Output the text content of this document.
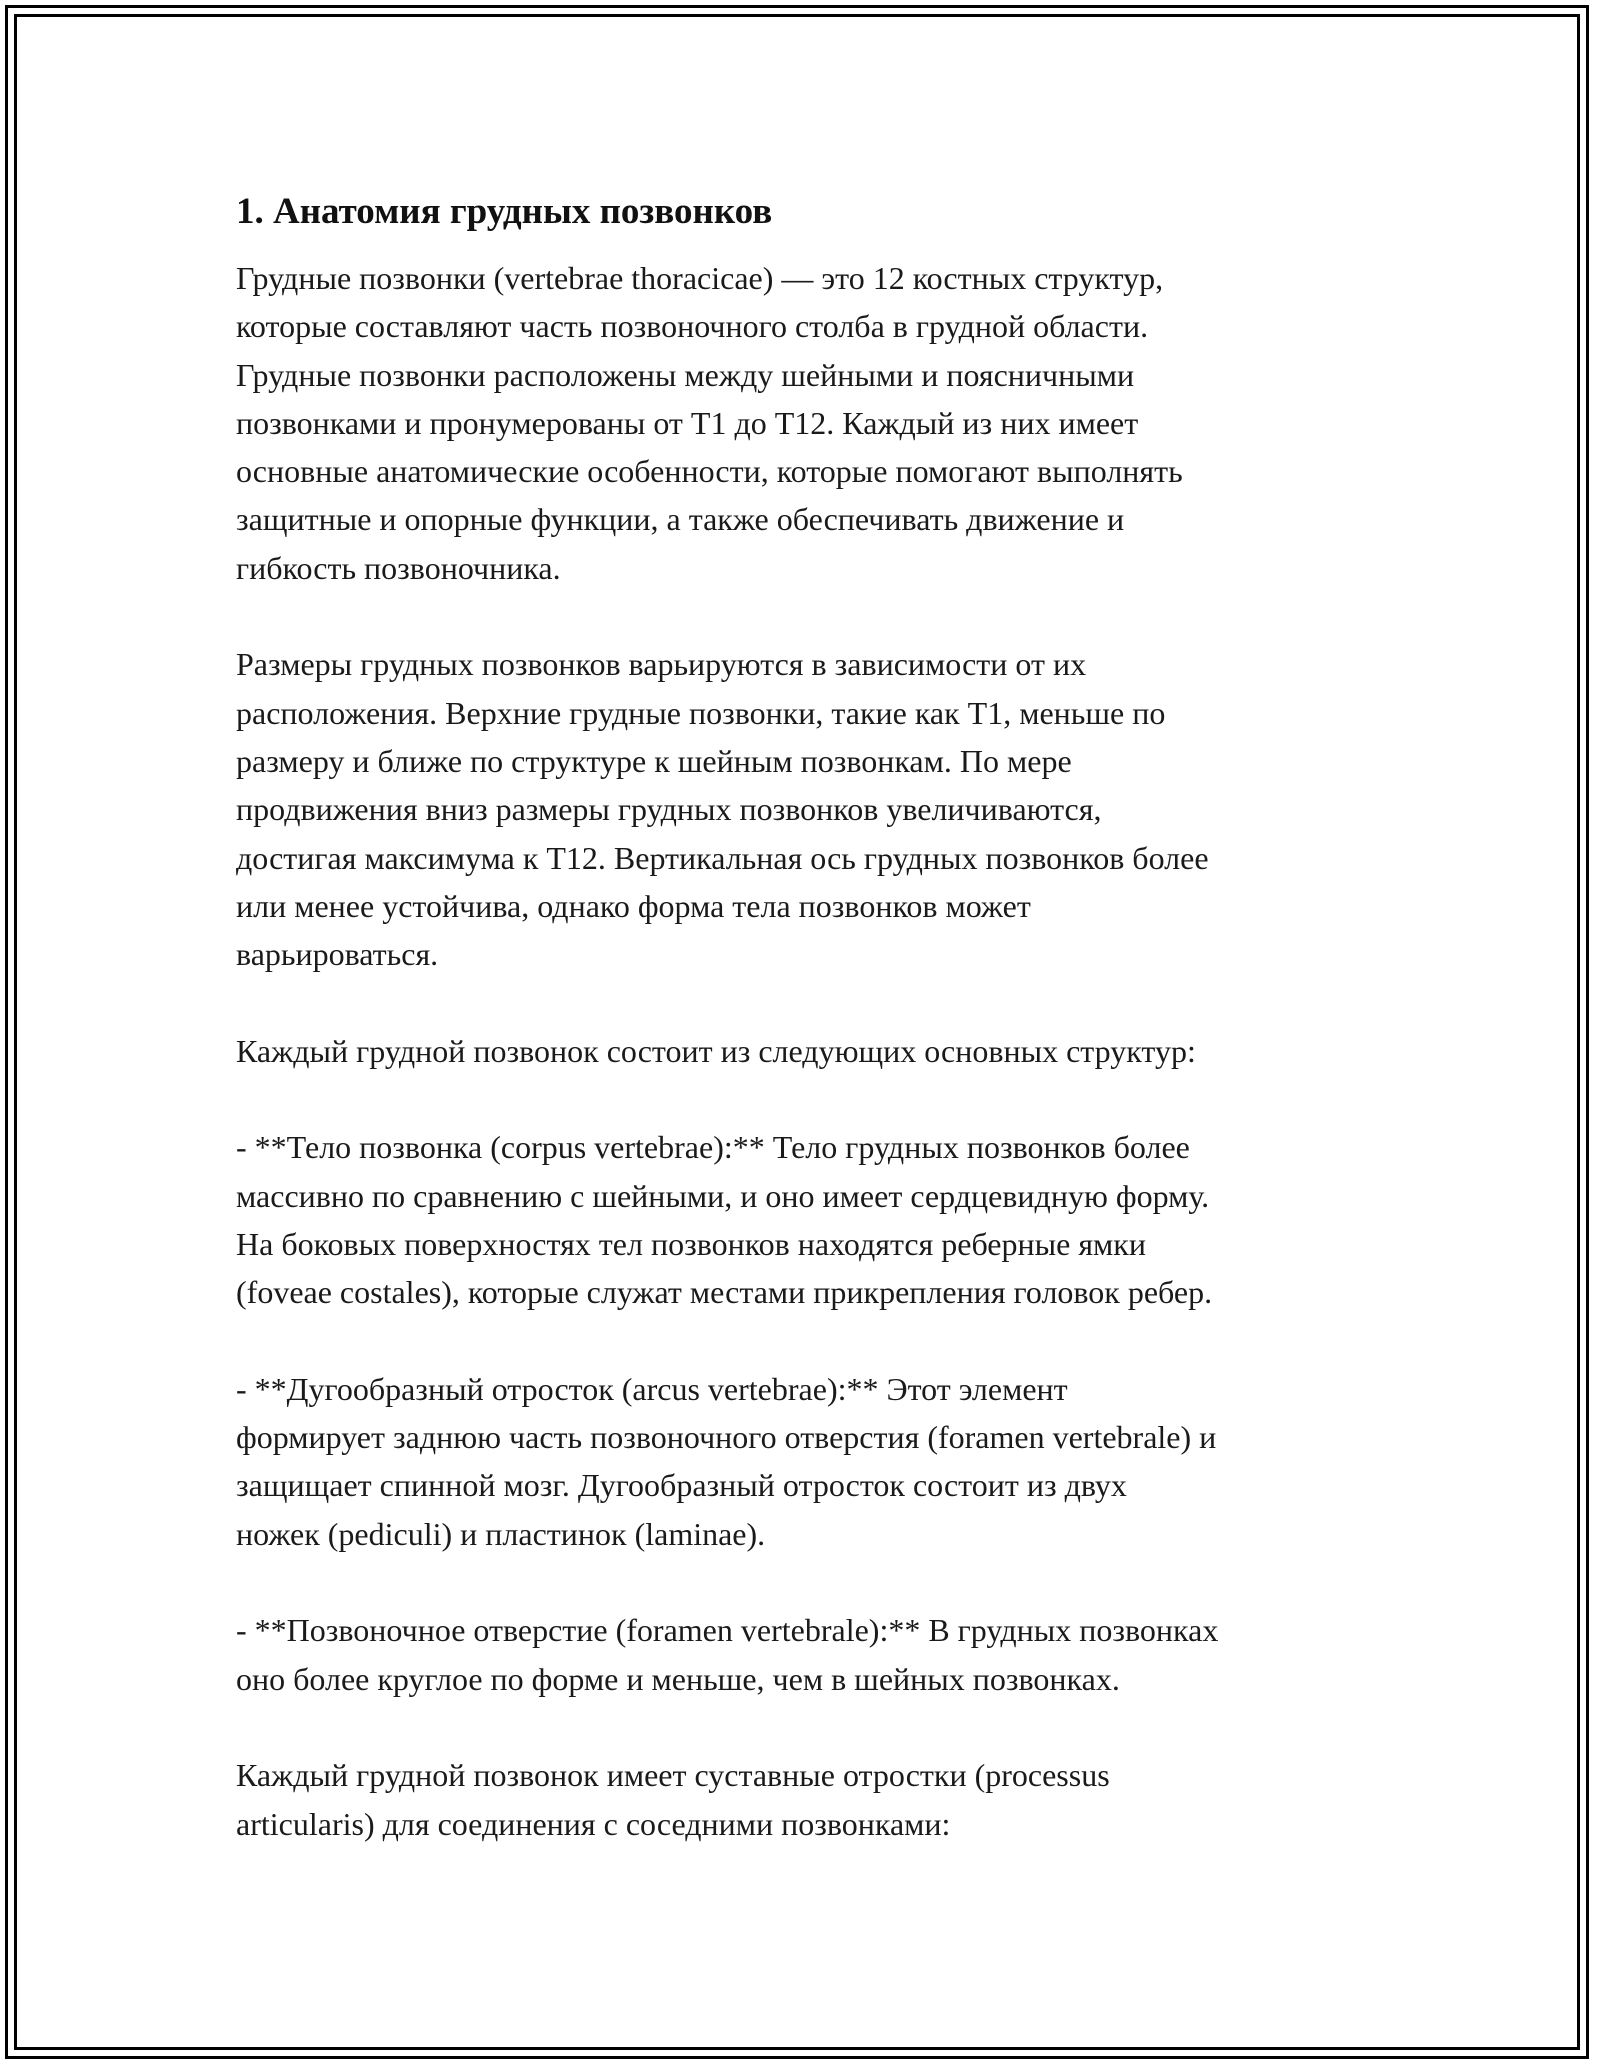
1. Анатомия грудных позвонков

Грудные позвонки (vertebrae thoracicae) — это 12 костных структур,
которые составляют часть позвоночного столба в грудной области.
Грудные позвонки расположены между шейными и поясничными
позвонками и пронумерованы от T1 до T12. Каждый из них имеет
основные анатомические особенности, которые помогают выполнять
защитные и опорные функции, а также обеспечивать движение и
гибкость позвоночника.

Размеры грудных позвонков варьируются в зависимости от их
расположения. Верхние грудные позвонки, такие как T1, меньше по
размеру и ближе по структуре к шейным позвонкам. По мере
продвижения вниз размеры грудных позвонков увеличиваются,
достигая максимума к T12. Вертикальная ось грудных позвонков более
или менее устойчива, однако форма тела позвонков может
варьироваться.

Каждый грудной позвонок состоит из следующих основных структур:

- **Тело позвонка (corpus vertebrae):** Тело грудных позвонков более
массивно по сравнению с шейными, и оно имеет сердцевидную форму.
На боковых поверхностях тел позвонков находятся реберные ямки
(foveae costales), которые служат местами прикрепления головок ребер.

- **Дугообразный отросток (arcus vertebrae):** Этот элемент
формирует заднюю часть позвоночного отверстия (foramen vertebrale) и
защищает спинной мозг. Дугообразный отросток состоит из двух
ножек (pediculi) и пластинок (laminae).

- **Позвоночное отверстие (foramen vertebrale):** В грудных позвонках
оно более круглое по форме и меньше, чем в шейных позвонках.

Каждый грудной позвонок имеет суставные отростки (processus
articularis) для соединения с соседними позвонками:
